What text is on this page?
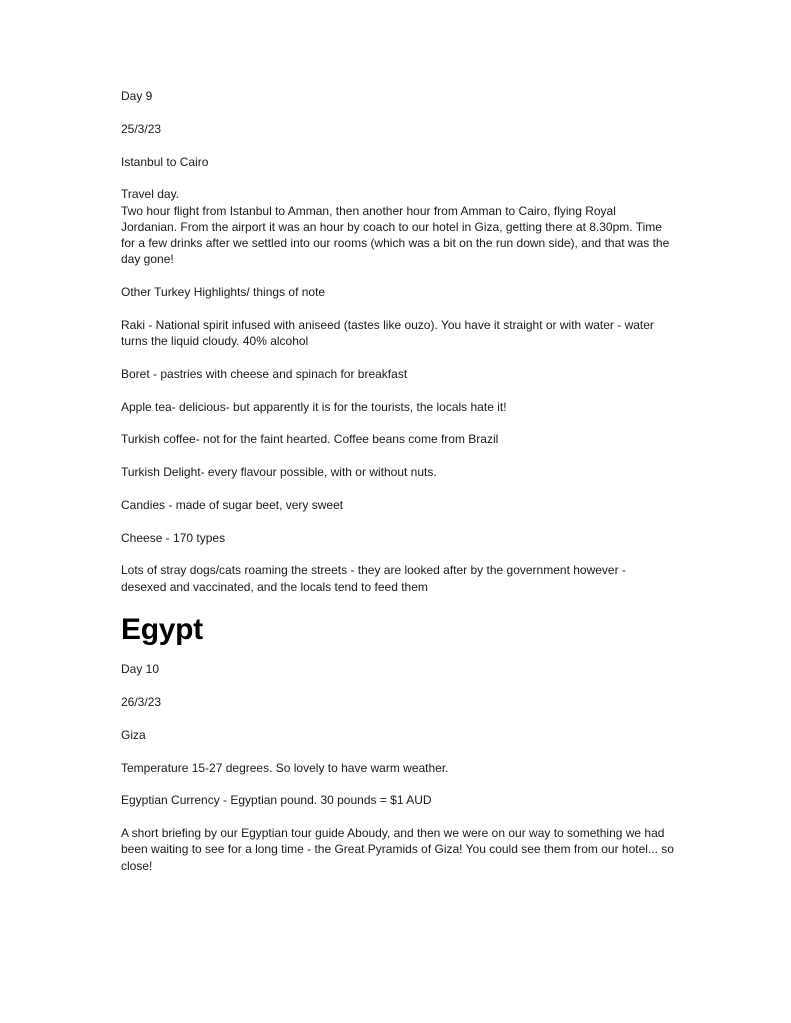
Day 9

25/3/23

Istanbul to Cairo

Travel day.
Two hour flight from Istanbul to Amman, then another hour from Amman to Cairo, flying Royal Jordanian. From the airport it was an hour by coach to our hotel in Giza, getting there at 8.30pm. Time for a few drinks after we settled into our rooms (which was a bit on the run down side), and that was the day gone!

Other Turkey Highlights/ things of note

Raki - National spirit infused with aniseed (tastes like ouzo). You have it straight or with water - water turns the liquid cloudy. 40% alcohol

Boret - pastries with cheese and spinach for breakfast

Apple tea- delicious- but apparently it is for the tourists, the locals hate it!

Turkish coffee- not for the faint hearted. Coffee beans come from Brazil

Turkish Delight- every flavour possible, with or without nuts.

Candies - made of sugar beet, very sweet

Cheese - 170 types

Lots of stray dogs/cats roaming the streets - they are looked after by the government however - desexed and vaccinated, and the locals tend to feed them

Egypt

Day 10

26/3/23

Giza

Temperature 15-27 degrees. So lovely to have warm weather.

Egyptian Currency - Egyptian pound. 30 pounds = $1 AUD

A short briefing by our Egyptian tour guide Aboudy, and then we were on our way to something we had been waiting to see for a long time - the Great Pyramids of Giza! You could see them from our hotel... so close!
